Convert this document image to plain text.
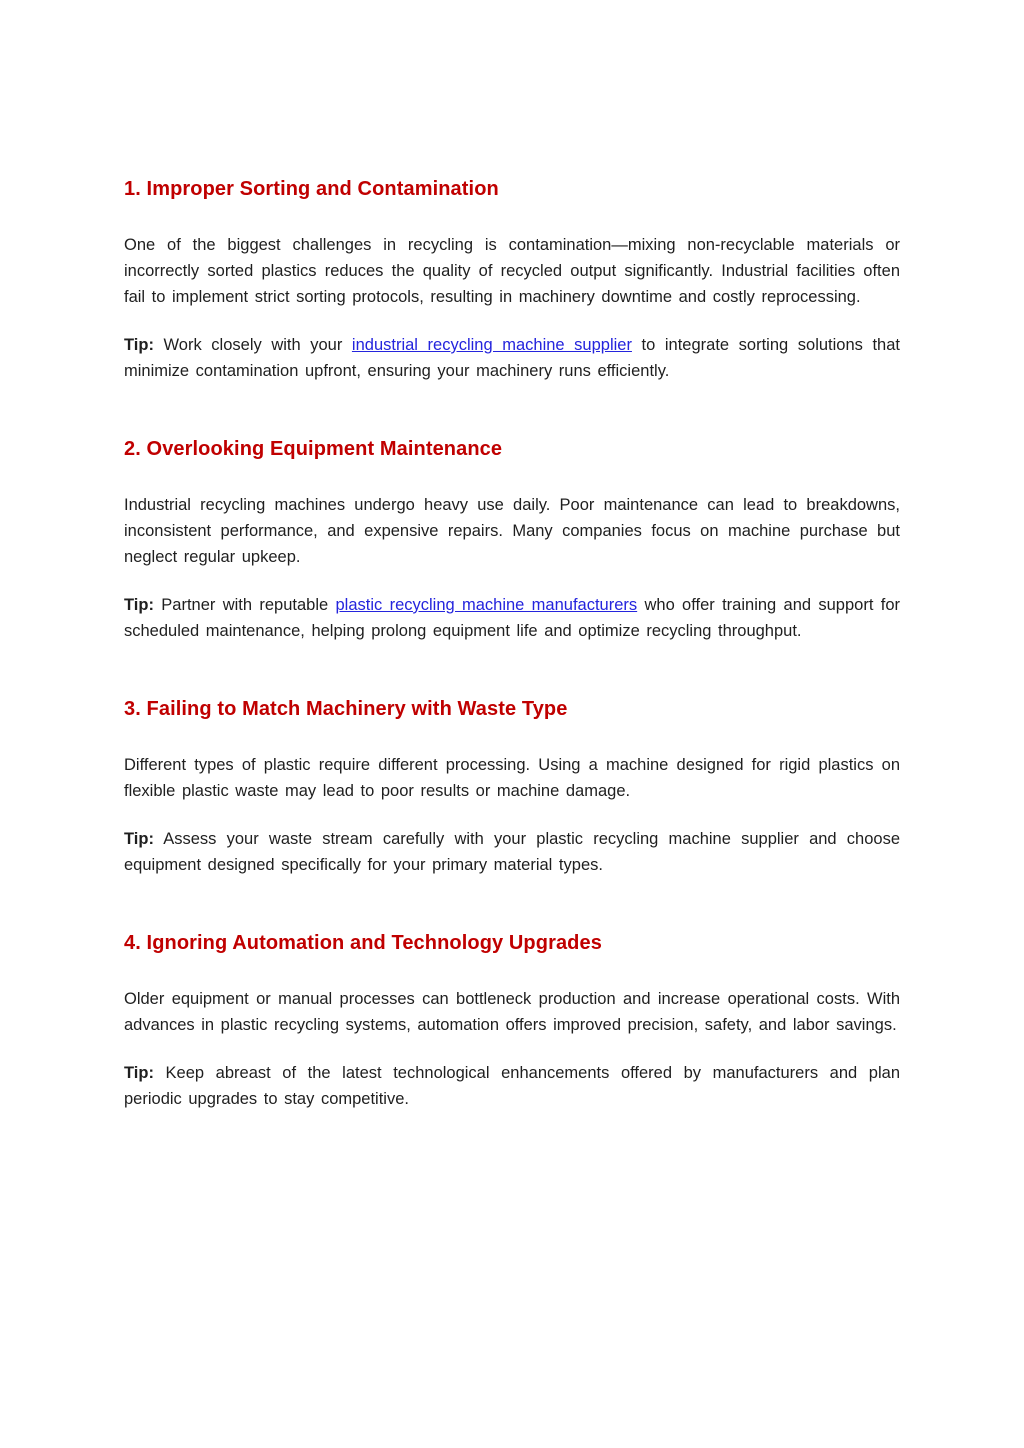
1. Improper Sorting and Contamination

One of the biggest challenges in recycling is contamination—mixing non-recyclable materials or incorrectly sorted plastics reduces the quality of recycled output significantly. Industrial facilities often fail to implement strict sorting protocols, resulting in machinery downtime and costly reprocessing.

Tip: Work closely with your industrial recycling machine supplier to integrate sorting solutions that minimize contamination upfront, ensuring your machinery runs efficiently.

2. Overlooking Equipment Maintenance

Industrial recycling machines undergo heavy use daily. Poor maintenance can lead to breakdowns, inconsistent performance, and expensive repairs. Many companies focus on machine purchase but neglect regular upkeep.

Tip: Partner with reputable plastic recycling machine manufacturers who offer training and support for scheduled maintenance, helping prolong equipment life and optimize recycling throughput.

3. Failing to Match Machinery with Waste Type

Different types of plastic require different processing. Using a machine designed for rigid plastics on flexible plastic waste may lead to poor results or machine damage.

Tip: Assess your waste stream carefully with your plastic recycling machine supplier and choose equipment designed specifically for your primary material types.

4. Ignoring Automation and Technology Upgrades

Older equipment or manual processes can bottleneck production and increase operational costs. With advances in plastic recycling systems, automation offers improved precision, safety, and labor savings.

Tip: Keep abreast of the latest technological enhancements offered by manufacturers and plan periodic upgrades to stay competitive.
